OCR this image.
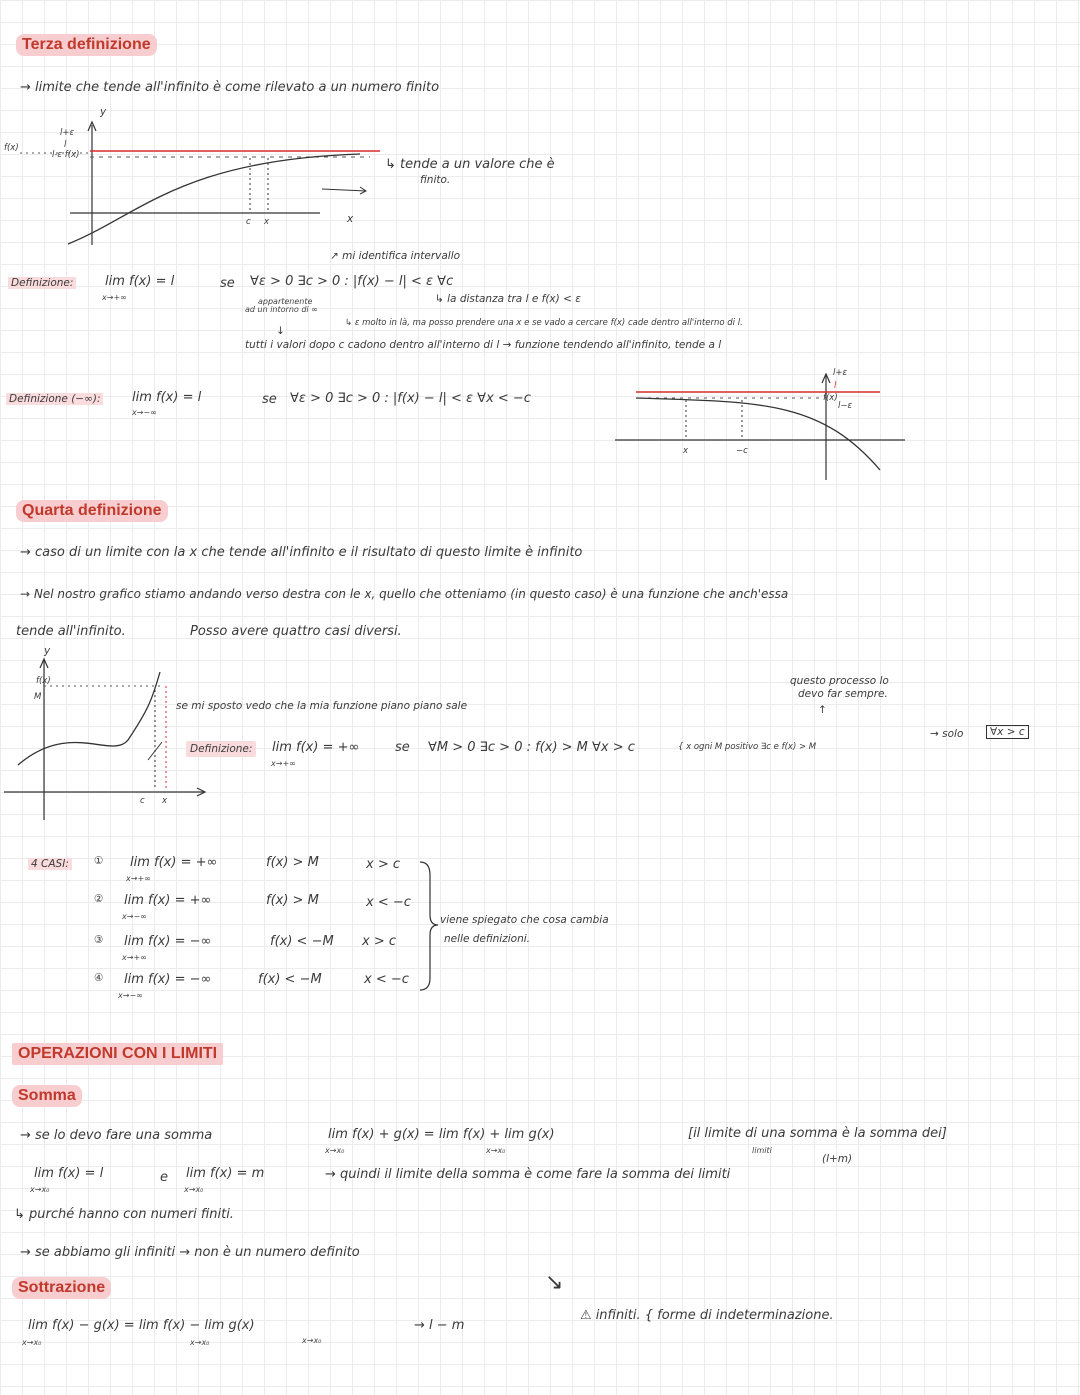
Terza definizione
→ limite che tende all'infinito è come rilevato a un numero finito
y
l+ε
l
l-ε f(x)
f(x)
c x	x
↳ tende a un valore che è
finito.
↗ mi identifica intervallo
Definizione: lim f(x) = l
x→+∞
se ∀ε > 0 ∃c > 0 : |f(x) − l| < ε ∀c
appartenente
ad un intorno di ∞
↳ la distanza tra l e f(x) < ε
↳ ε molto in là, ma posso prendere una x e se vado a cercare f(x) cade dentro all'interno di l.
↓
tutti i valori dopo c cadono dentro all'interno di l → funzione tendendo all'infinito, tende a l
Definizione (−∞): lim f(x) = l
x→−∞
se ∀ε > 0 ∃c > 0 : |f(x) − l| < ε ∀x < −c
l+ε
f(x)
l
l−ε
x	−c
Quarta definizione
→ caso di un limite con la x che tende all'infinito e il risultato di questo limite è infinito
→ Nel nostro grafico stiamo andando verso destra con le x, quello che otteniamo (in questo caso) è una funzione che anch'essa
tende all'infinito.	Posso avere quattro casi diversi.
y
f(x)
M
c x
se mi sposto vedo che la mia funzione piano piano sale
questo processo lo
devo far sempre.
↑
Definizione:	lim f(x) = +∞
x→+∞
se ∀M > 0 ∃c > 0 : f(x) > M ∀x > c	{ x ogni M positivo ∃c e f(x) > M
→ solo	∀x > c
4 CASI: ① lim f(x) = +∞
x→+∞
f(x) > M	x > c
② lim f(x) = +∞
x→−∞
f(x) > M	x < −c
③ lim f(x) = −∞
x→+∞
f(x) < −M x > c
④ lim f(x) = −∞
x→−∞
f(x) < −M	x < −c
viene spiegato che cosa cambia
nelle definizioni.
OPERAZIONI CON I LIMITI
Somma
→ se lo devo fare una somma	lim f(x) + g(x) = lim f(x) + lim g(x)
x→x₀	x→x₀
[il limite di una somma è la somma dei]
limiti
lim f(x) = l
x→x₀
e lim f(x) = m
x→x₀
(l+m)
→ quindi il limite della somma è come fare la somma dei limiti
↳ purché hanno con numeri finiti.
→ se abbiamo gli infiniti → non è un numero definito
↘
⚠ infiniti. { forme di indeterminazione.
Sottrazione
lim f(x) − g(x) = lim f(x) − lim g(x)
x→x₀	x→x₀	x→x₀
→ l − m
